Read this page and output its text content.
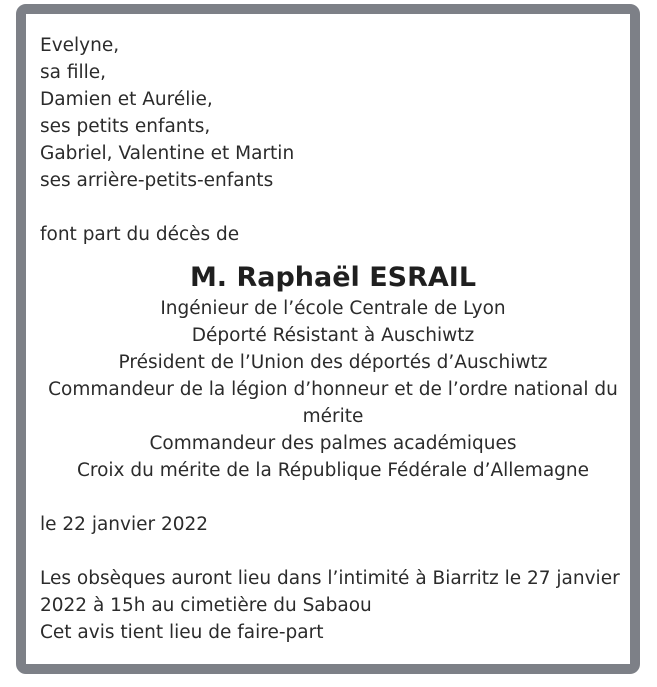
Evelyne,
sa fille,
Damien et Aurélie,
ses petits enfants,
Gabriel, Valentine et Martin
ses arrière-petits-enfants
font part du décès de
M. Raphaël ESRAIL
Ingénieur de l’école Centrale de Lyon
Déporté Résistant à Auschiwtz
Président de l’Union des déportés d’Auschiwtz
Commandeur de la légion d’honneur et de l’ordre national du mérite
Commandeur des palmes académiques
Croix du mérite de la République Fédérale d’Allemagne
le 22 janvier 2022
Les obsèques auront lieu dans l’intimité à Biarritz le 27 janvier 2022 à 15h au cimetière du Sabaou
Cet avis tient lieu de faire-part
